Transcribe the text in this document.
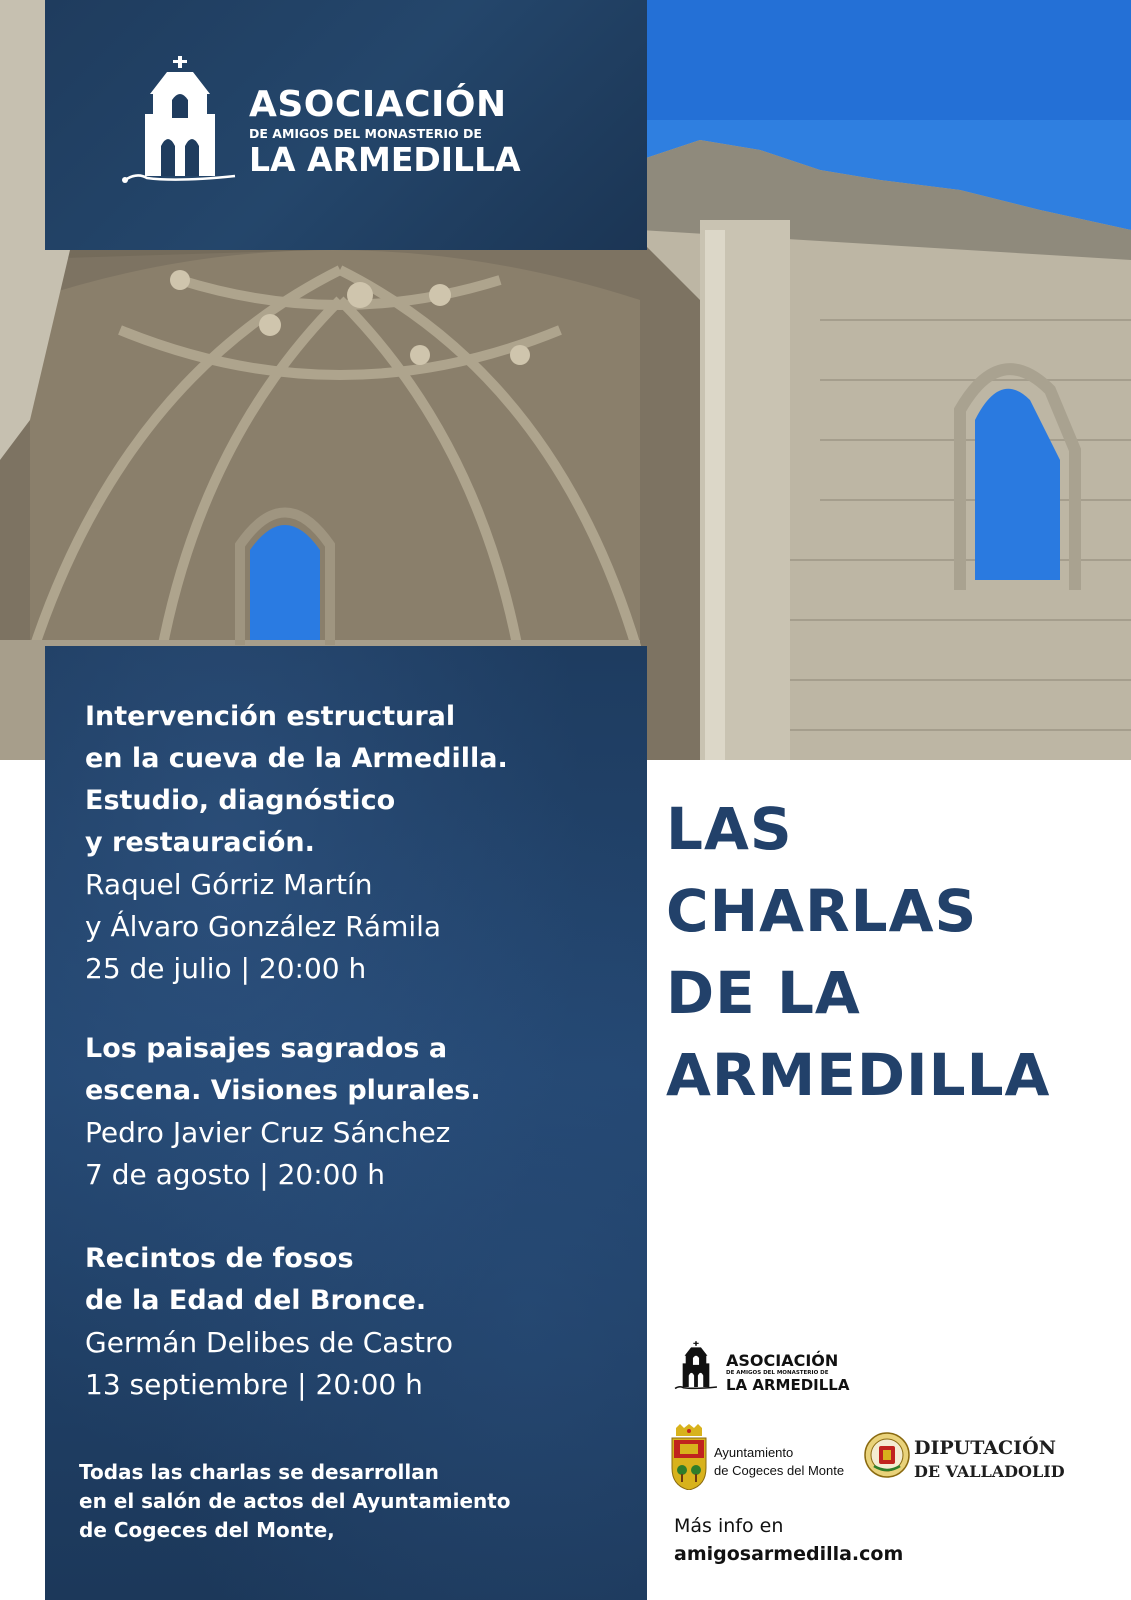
ASOCIACIÓN
DE AMIGOS DEL MONASTERIO DE
LA ARMEDILLA

Intervención estructural
en la cueva de la Armedilla.
Estudio, diagnóstico
y restauración.

Raquel Górriz Martín
y Álvaro González Rámila

25 de julio | 20:00 h

Los paisajes sagrados a
escena. Visiones plurales.

Pedro Javier Cruz Sánchez

7 de agosto | 20:00 h

Recintos de fosos
de la Edad del Bronce.

Germán Delibes de Castro

13 septiembre | 20:00 h

Todas las charlas se desarrollan
en el salón de actos del Ayuntamiento
de Cogeces del Monte,

LAS
CHARLAS
DE LA
ARMEDILLA
ASOCIACIÓN
DE AMIGOS DEL MONASTERIO DE
LA ARMEDILLA
Ayuntamiento
de Cogeces del Monte
DIPUTACIÓN
DE VALLADOLID
Más info en
amigosarmedilla.com
